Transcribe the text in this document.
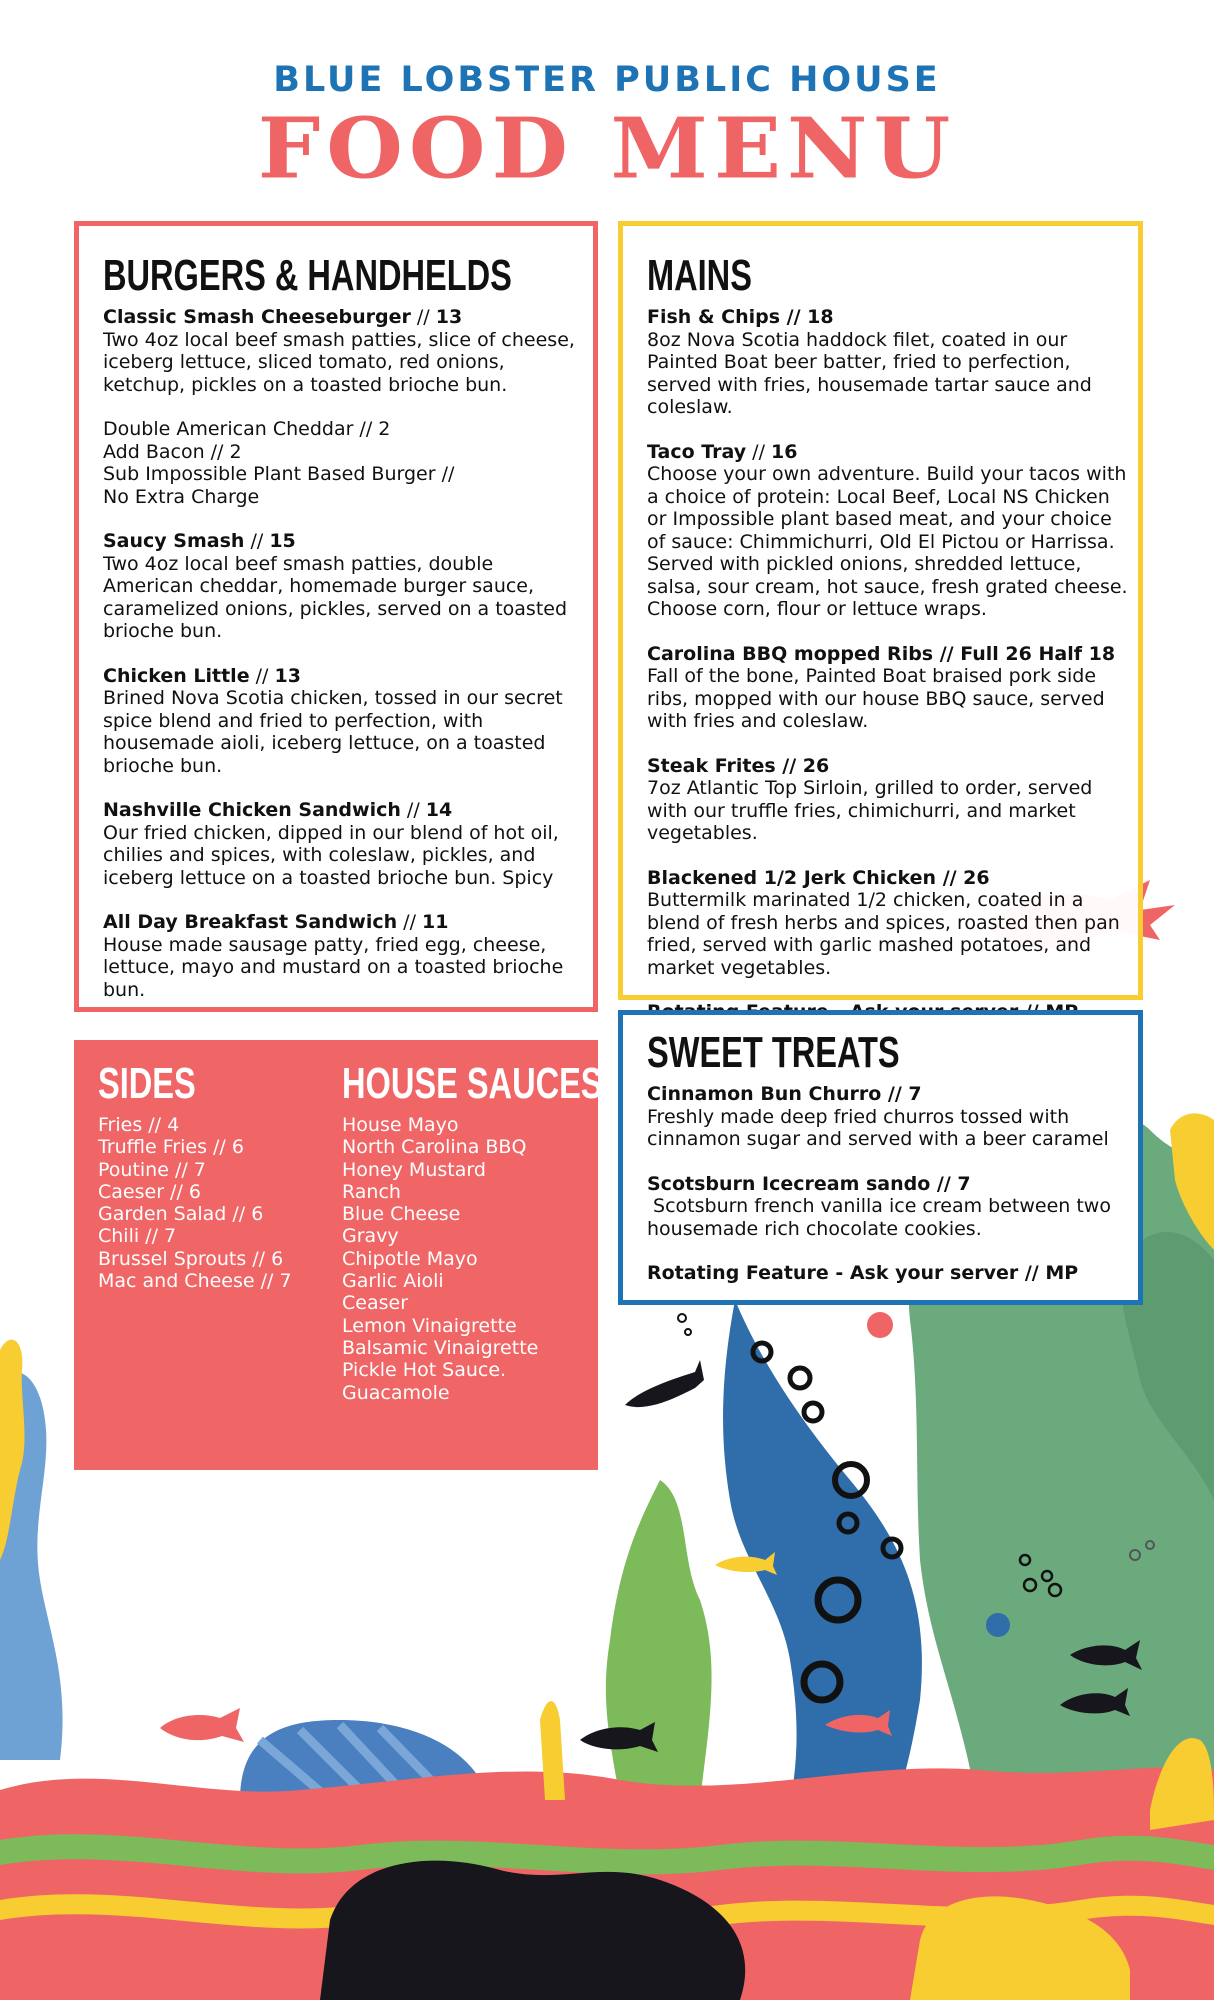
BLUE LOBSTER PUBLIC HOUSE
FOOD MENU
BURGERS & HANDHELDS
Classic Smash Cheeseburger // 13
Two 4oz local beef smash patties, slice of cheese, iceberg lettuce, sliced tomato, red onions, ketchup, pickles on a toasted brioche bun.
Double American Cheddar // 2
Add Bacon // 2
Sub Impossible Plant Based Burger //
No Extra Charge
Saucy Smash // 15
Two 4oz local beef smash patties, double American cheddar, homemade burger sauce, caramelized onions, pickles, served on a toasted brioche bun.
Chicken Little // 13
Brined Nova Scotia chicken, tossed in our secret spice blend and fried to perfection, with housemade aioli, iceberg lettuce, on a toasted brioche bun.
Nashville Chicken Sandwich // 14
Our fried chicken, dipped in our blend of hot oil, chilies and spices, with coleslaw, pickles, and iceberg lettuce on a toasted brioche bun. Spicy
All Day Breakfast Sandwich // 11
House made sausage patty, fried egg, cheese, lettuce, mayo and mustard on a toasted brioche bun.
MAINS
Fish & Chips // 18
8oz Nova Scotia haddock filet, coated in our Painted Boat beer batter, fried to perfection, served with fries, housemade tartar sauce and coleslaw.
Taco Tray // 16
Choose your own adventure. Build your tacos with a choice of protein: Local Beef, Local NS Chicken or Impossible plant based meat, and your choice of sauce: Chimmichurri, Old El Pictou or Harrissa. Served with pickled onions, shredded lettuce, salsa, sour cream, hot sauce, fresh grated cheese. Choose corn, flour or lettuce wraps.
Carolina BBQ mopped Ribs // Full 26 Half 18
Fall of the bone, Painted Boat braised pork side ribs, mopped with our house BBQ sauce, served with fries and coleslaw.
Steak Frites // 26
7oz Atlantic Top Sirloin, grilled to order, served with our truffle fries, chimichurri, and market vegetables.
Blackened 1/2 Jerk Chicken // 26
Buttermilk marinated 1/2 chicken, coated in a blend of fresh herbs and spices, roasted then pan fried, served with garlic mashed potatoes, and market vegetables.
SIDES
Fries // 4
Truffle Fries // 6
Poutine // 7
Caeser // 6
Garden Salad // 6
Chili // 7
Brussel Sprouts // 6
Mac and Cheese // 7
HOUSE SAUCES
House Mayo
North Carolina BBQ
Honey Mustard
Ranch
Blue Cheese
Gravy
Chipotle Mayo
Garlic Aioli
Ceaser
Lemon Vinaigrette
Balsamic Vinaigrette
Pickle Hot Sauce.
Guacamole
SWEET TREATS
Cinnamon Bun Churro // 7
Freshly made deep fried churros tossed with cinnamon sugar and served with a beer caramel
Scotsburn Icecream sando // 7
Scotsburn french vanilla ice cream between two housemade rich chocolate cookies.
Rotating Feature - Ask your server // MP
